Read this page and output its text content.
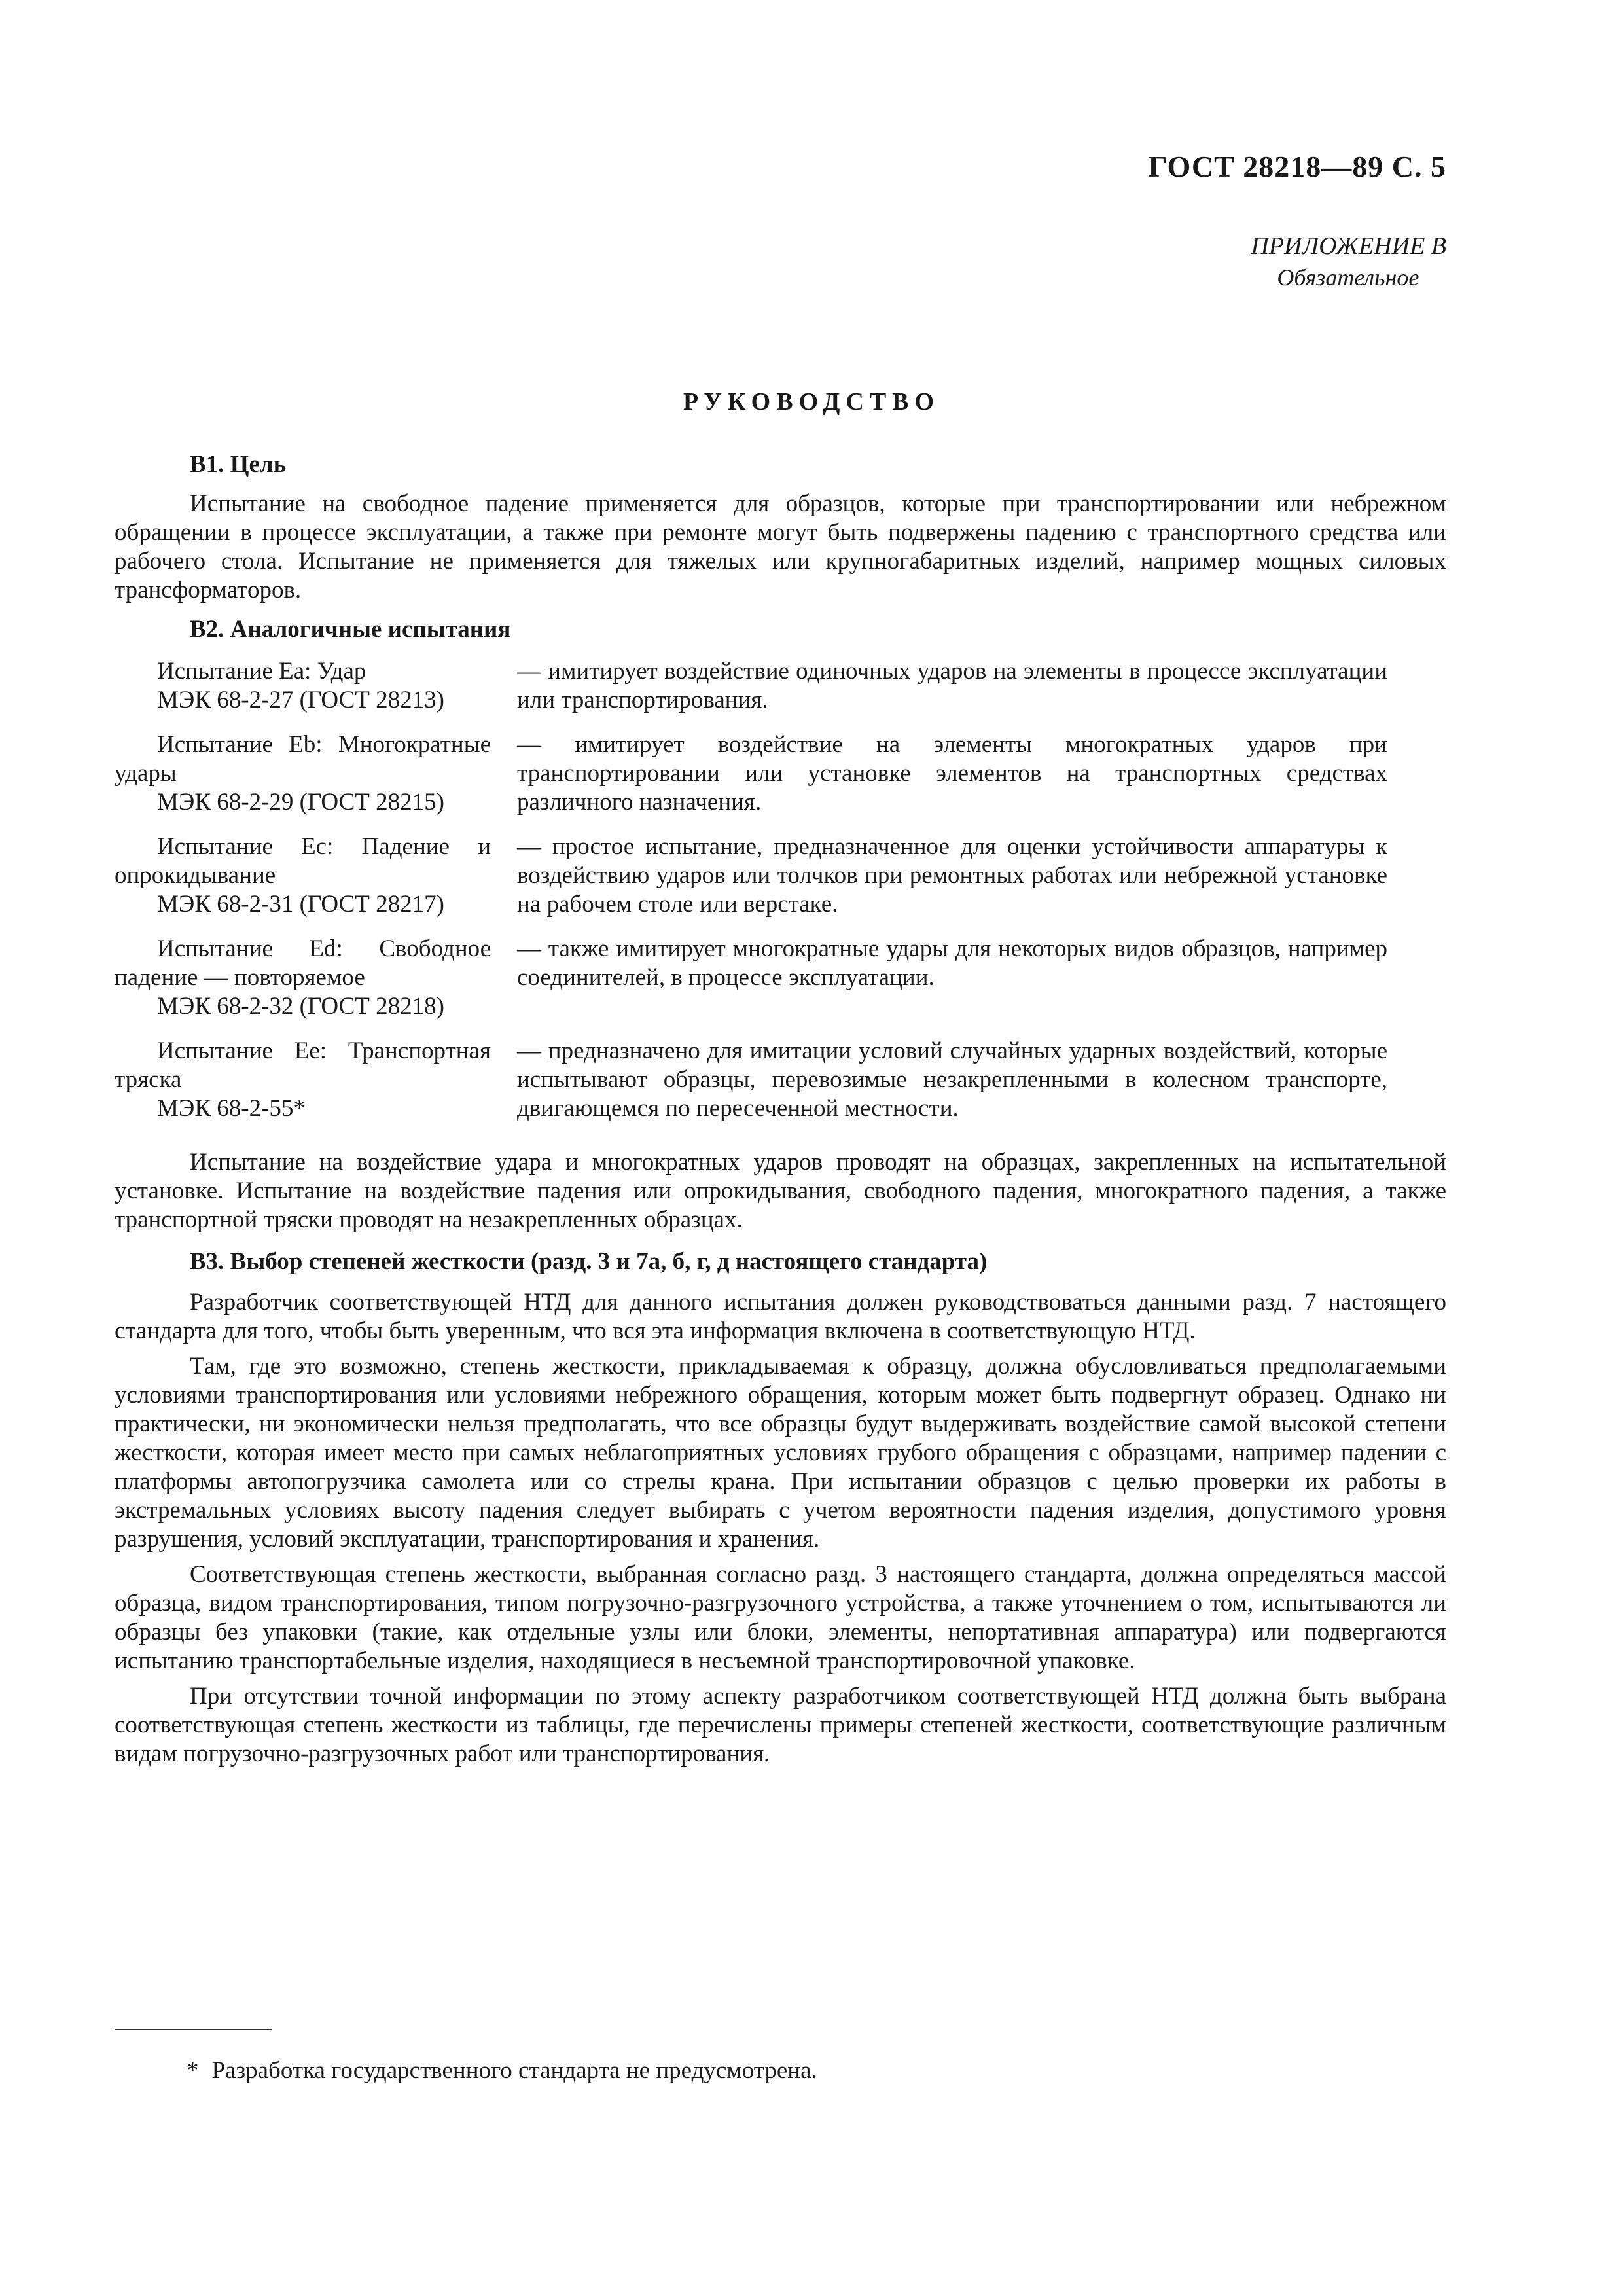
ГОСТ 28218—89 С. 5
ПРИЛОЖЕНИЕ В
Обязательное
РУКОВОДСТВО
В1. Цель

Испытание на свободное падение применяется для образцов, которые при транспортировании или небрежном обращении в процессе эксплуатации, а также при ремонте могут быть подвержены падению с транспортного средства или рабочего стола. Испытание не применяется для тяжелых или крупногабаритных изделий, например мощных силовых трансформаторов.

В2. Аналогичные испытания
Испытание Еа: Удар
МЭК 68-2-27 (ГОСТ 28213)	— имитирует воздействие одиночных ударов на элементы в процессе эксплуатации или транспортирования.
Испытание Eb: Многократные удары
МЭК 68-2-29 (ГОСТ 28215)	— имитирует воздействие на элементы многократных ударов при транспортировании или установке элементов на транспортных средствах различного назначения.
Испытание Ес: Падение и опрокидывание
МЭК 68-2-31 (ГОСТ 28217)	— простое испытание, предназначенное для оценки устойчивости аппаратуры к воздействию ударов или толчков при ремонтных работах или небрежной установке на рабочем столе или верстаке.
Испытание Ed: Свободное падение — повторяемое
МЭК 68-2-32 (ГОСТ 28218)	— также имитирует многократные удары для некоторых видов образцов, например соединителей, в процессе эксплуатации.
Испытание Ее: Транспортная тряска
МЭК 68-2-55*	— предназначено для имитации условий случайных ударных воздействий, которые испытывают образцы, перевозимые незакрепленными в колесном транспорте, двигающемся по пересеченной местности.

Испытание на воздействие удара и многократных ударов проводят на образцах, закрепленных на испытательной установке. Испытание на воздействие падения или опрокидывания, свободного падения, многократного падения, а также транспортной тряски проводят на незакрепленных образцах.

В3. Выбор степеней жесткости (разд. 3 и 7а, б, г, д настоящего стандарта)

Разработчик соответствующей НТД для данного испытания должен руководствоваться данными разд. 7 настоящего стандарта для того, чтобы быть уверенным, что вся эта информация включена в соответствующую НТД.

Там, где это возможно, степень жесткости, прикладываемая к образцу, должна обусловливаться предполагаемыми условиями транспортирования или условиями небрежного обращения, которым может быть подвергнут образец. Однако ни практически, ни экономически нельзя предполагать, что все образцы будут выдерживать воздействие самой высокой степени жесткости, которая имеет место при самых неблагоприятных условиях грубого обращения с образцами, например падении с платформы автопогрузчика самолета или со стрелы крана. При испытании образцов с целью проверки их работы в экстремальных условиях высоту падения следует выбирать с учетом вероятности падения изделия, допустимого уровня разрушения, условий эксплуатации, транспортирования и хранения.

Соответствующая степень жесткости, выбранная согласно разд. 3 настоящего стандарта, должна определяться массой образца, видом транспортирования, типом погрузочно-разгрузочного устройства, а также уточнением о том, испытываются ли образцы без упаковки (такие, как отдельные узлы или блоки, элементы, непортативная аппаратура) или подвергаются испытанию транспортабельные изделия, находящиеся в несъемной транспортировочной упаковке.

При отсутствии точной информации по этому аспекту разработчиком соответствующей НТД должна быть выбрана соответствующая степень жесткости из таблицы, где перечислены примеры степеней жесткости, соответствующие различным видам погрузочно-разгрузочных работ или транспортирования.

* Разработка государственного стандарта не предусмотрена.
